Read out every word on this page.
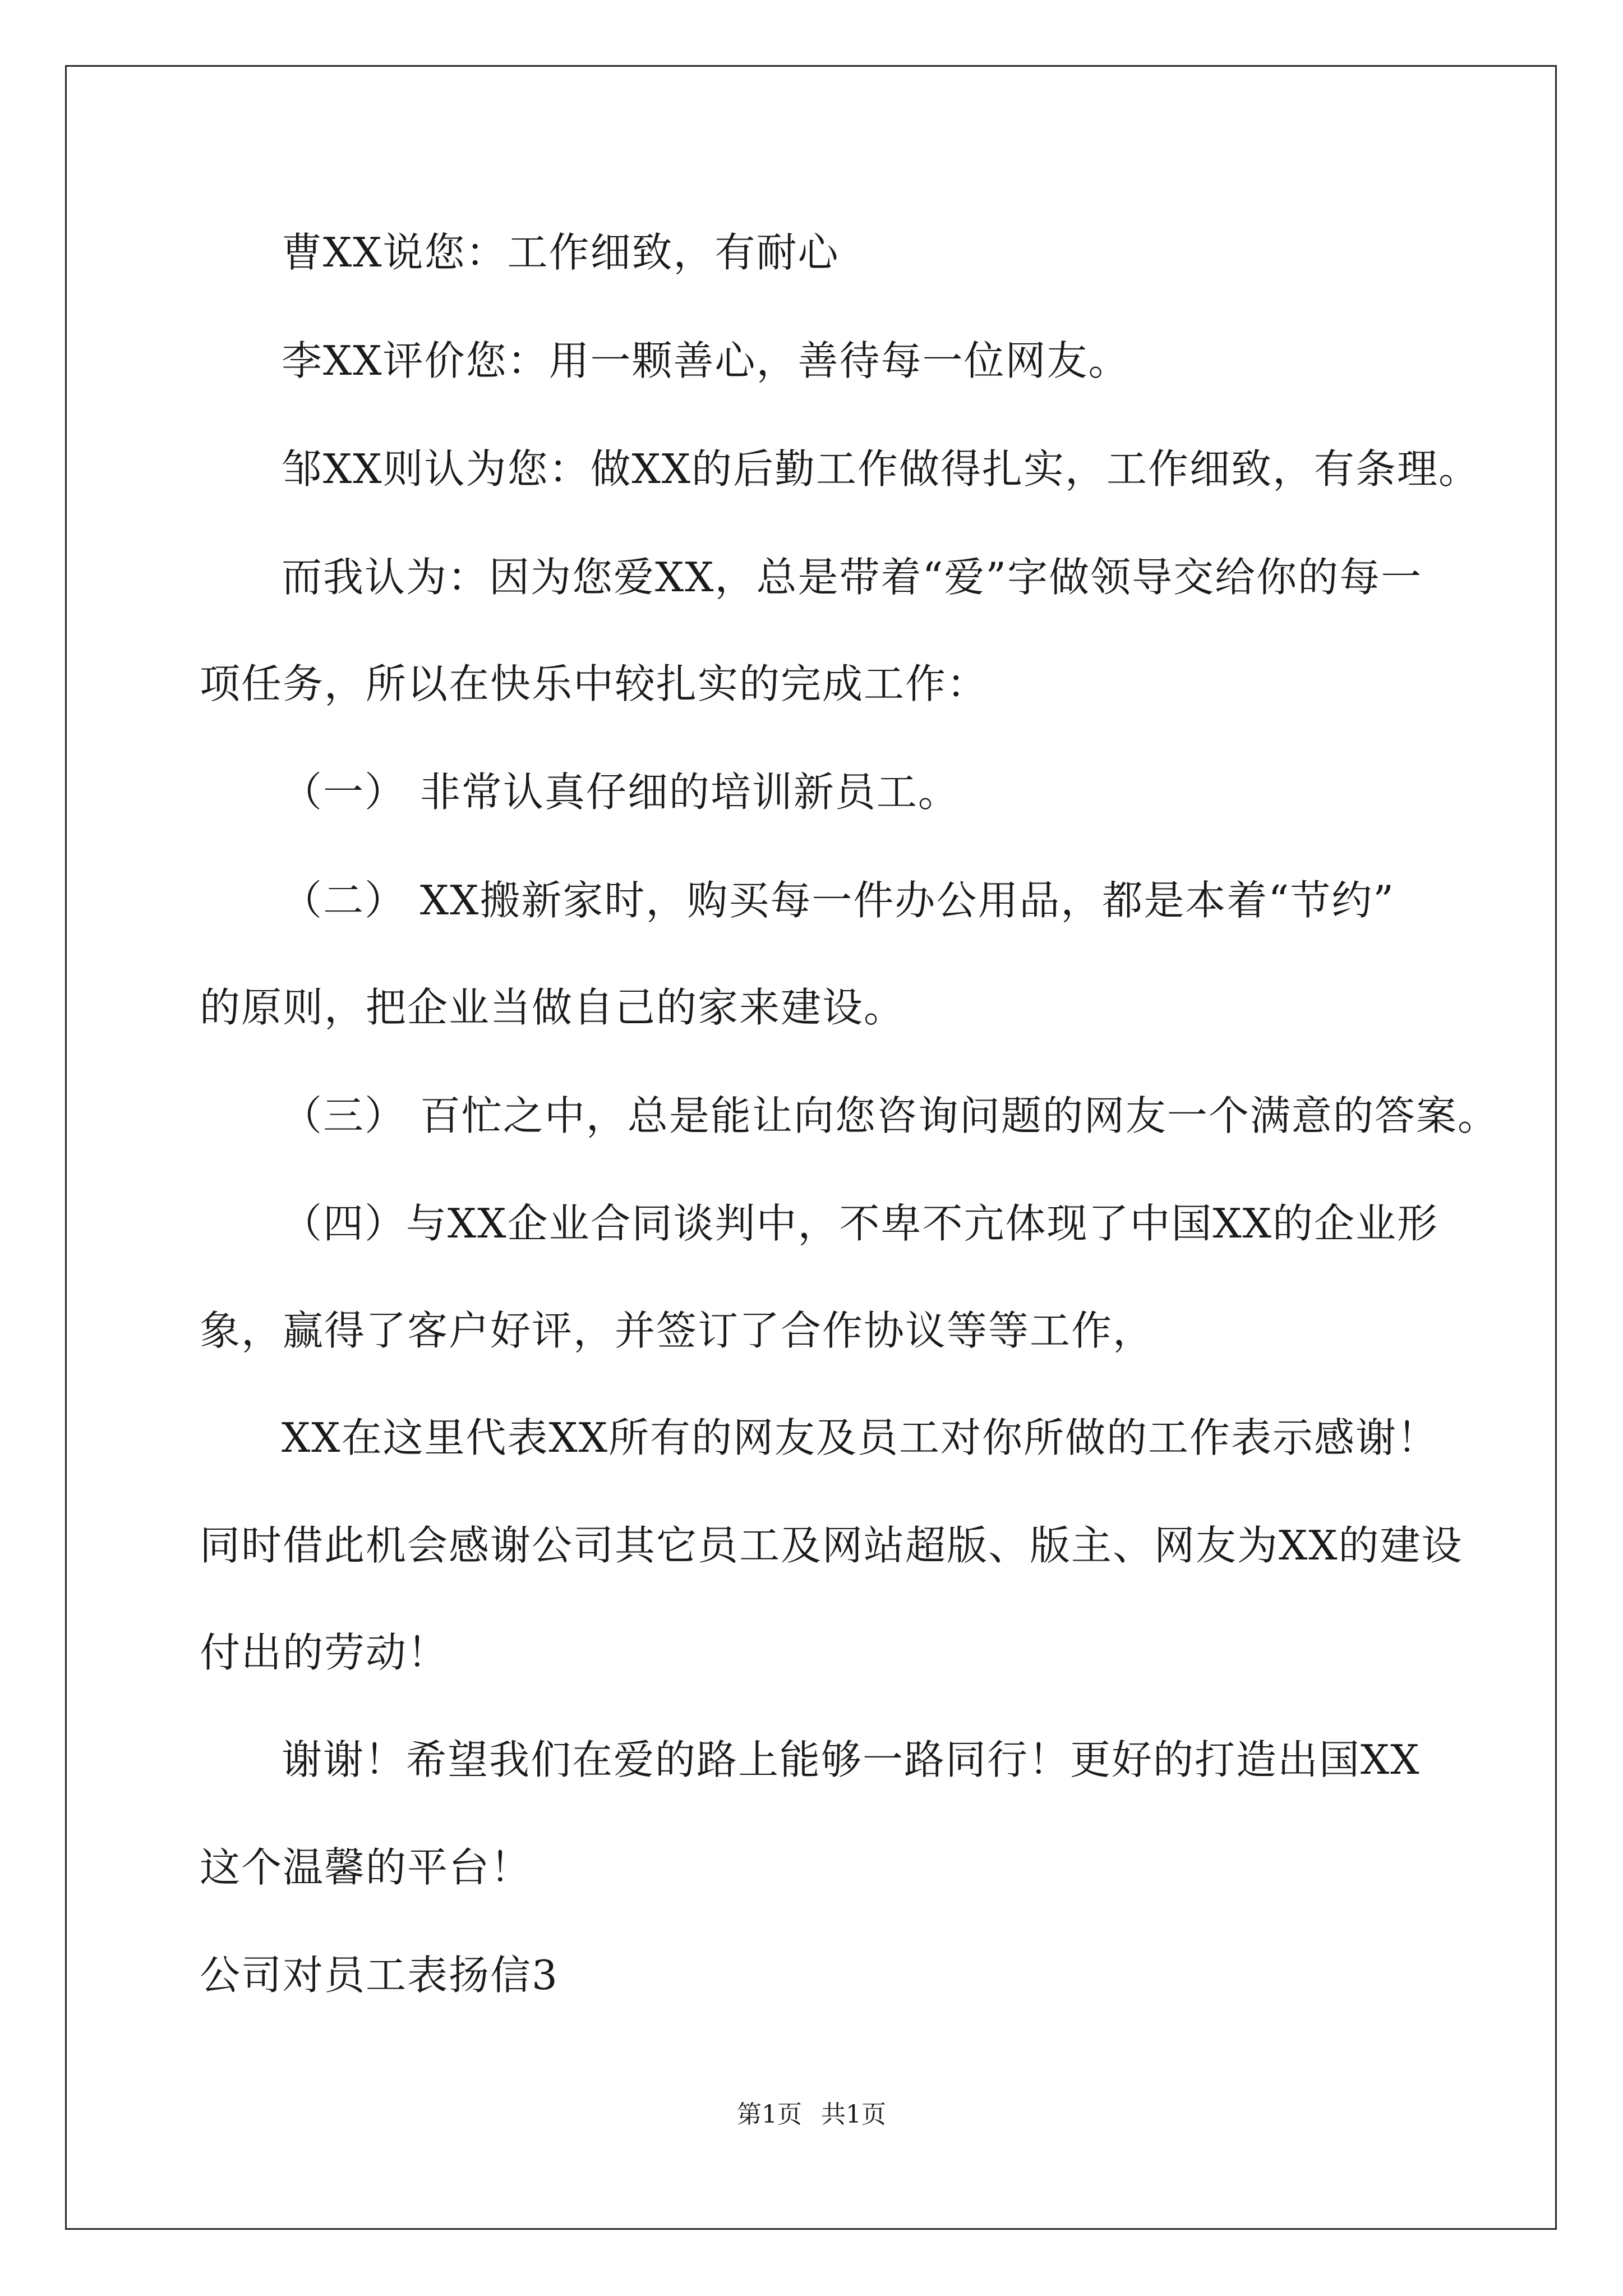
曹XX说您：工作细致，有耐心
李XX评价您：用一颗善心，善待每一位网友。
邹XX则认为您：做XX的后勤工作做得扎实，工作细致，有条理。
而我认为：因为您爱XX，总是带着“爱”字做领导交给你的每一
项任务，所以在快乐中较扎实的完成工作：
（一） 非常认真仔细的培训新员工。
（二） XX搬新家时，购买每一件办公用品，都是本着“节约”
的原则，把企业当做自己的家来建设。
（三） 百忙之中，总是能让向您咨询问题的网友一个满意的答案。
（四）与XX企业合同谈判中，不卑不亢体现了中国XX的企业形
象，赢得了客户好评，并签订了合作协议等等工作，
XX在这里代表XX所有的网友及员工对你所做的工作表示感谢！
同时借此机会感谢公司其它员工及网站超版、版主、网友为XX的建设
付出的劳动！
谢谢！希望我们在爱的路上能够一路同行！更好的打造出国XX
这个温馨的平台！
公司对员工表扬信3
第1页 共1页
